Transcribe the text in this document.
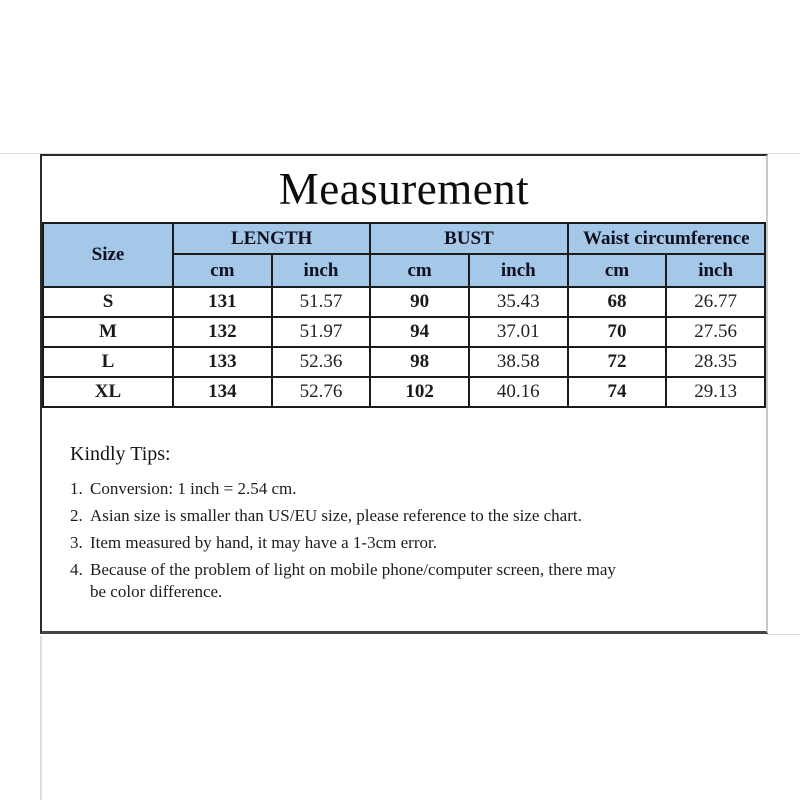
Measurement
Size	LENGTH		BUST		Waist circumference	
	cm	inch	cm	inch	cm	inch
S	131	51.57	90	35.43	68	26.77
M	132	51.97	94	37.01	70	27.56
L	133	52.36	98	38.58	72	28.35
XL	134	52.76	102	40.16	74	29.13
Kindly Tips:
1. Conversion: 1 inch = 2.54 cm.
2. Asian size is smaller than US/EU size, please reference to the size chart.
3. Item measured by hand, it may have a 1-3cm error.
4. Because of the problem of light on mobile phone/computer screen, there may be color difference.
